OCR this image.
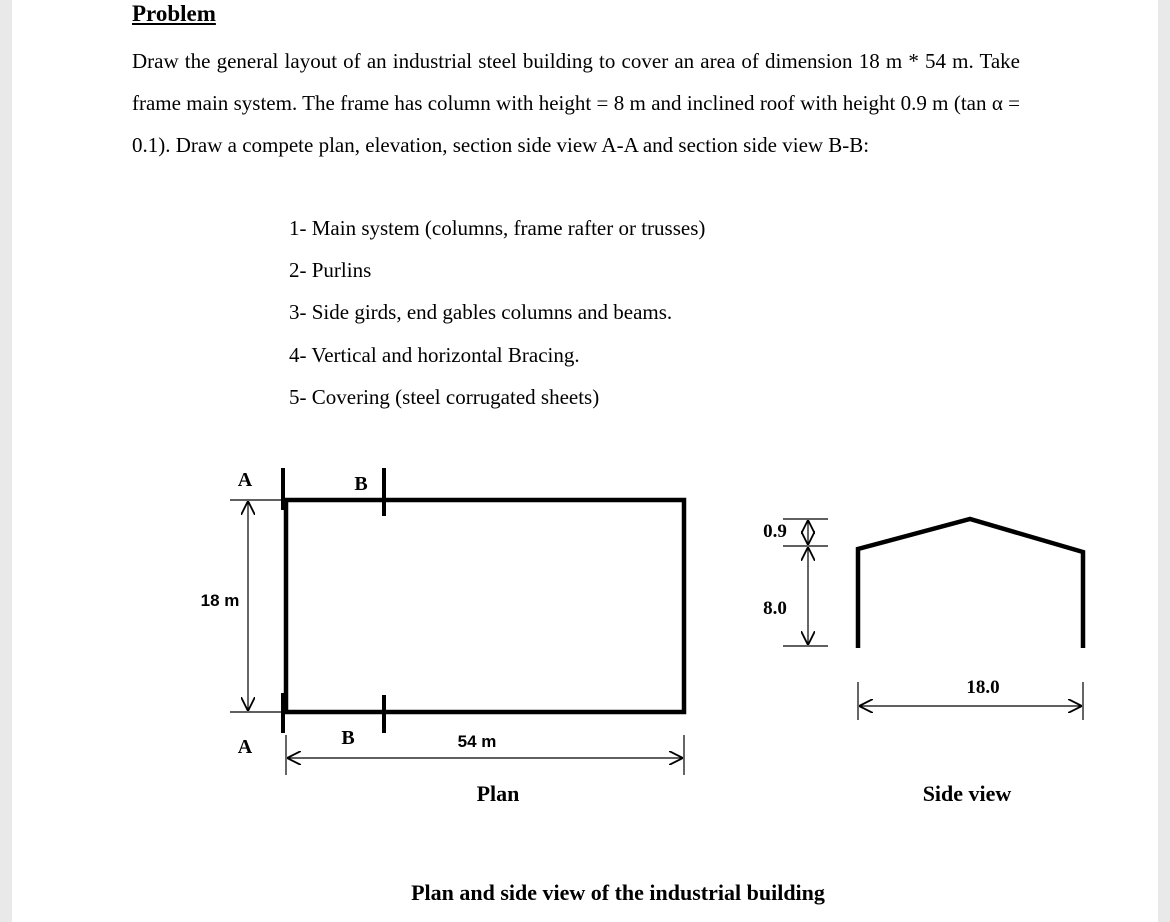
Problem
Draw the general layout of an industrial steel building to cover an area of dimension 18 m * 54 m. Take frame main system. The frame has column with height = 8 m and inclined roof with height 0.9 m (tan α = 0.1). Draw a compete plan, elevation, section side view A-A and section side view B-B:
1- Main system (columns, frame rafter or trusses)
2- Purlins
3- Side girds, end gables columns and beams.
4- Vertical and horizontal Bracing.
5- Covering (steel corrugated sheets)
A
A
B
B
18 m
54 m
Plan
0.9
8.0
18.0
Side view
Plan and side view of the industrial building
